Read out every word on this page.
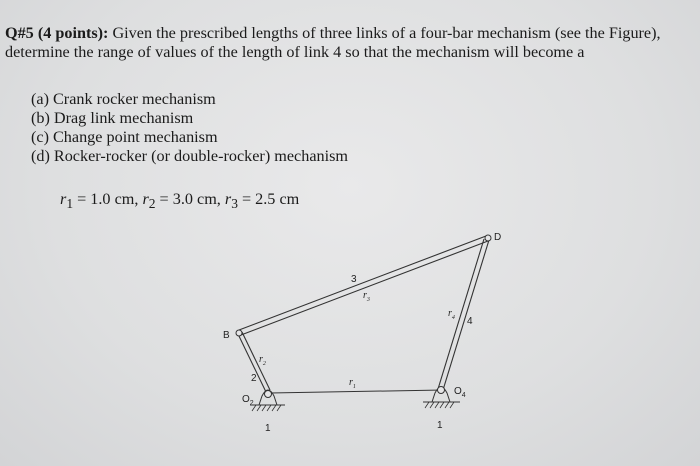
Q#5 (4 points): Given the prescribed lengths of three links of a four-bar mechanism (see the Figure), determine the range of values of the length of link 4 so that the mechanism will become a
(a) Crank rocker mechanism
(b) Drag link mechanism
(c) Change point mechanism
(d) Rocker-rocker (or double-rocker) mechanism
$r_1 = 1.0$ cm, $r_2 = 3.0$ cm, $r_3 = 2.5$ cm
B
D
$O_2$
$O_4$
2
3
4
1	1
$r_1$
$r_2$
$r_3$
$r_4$
